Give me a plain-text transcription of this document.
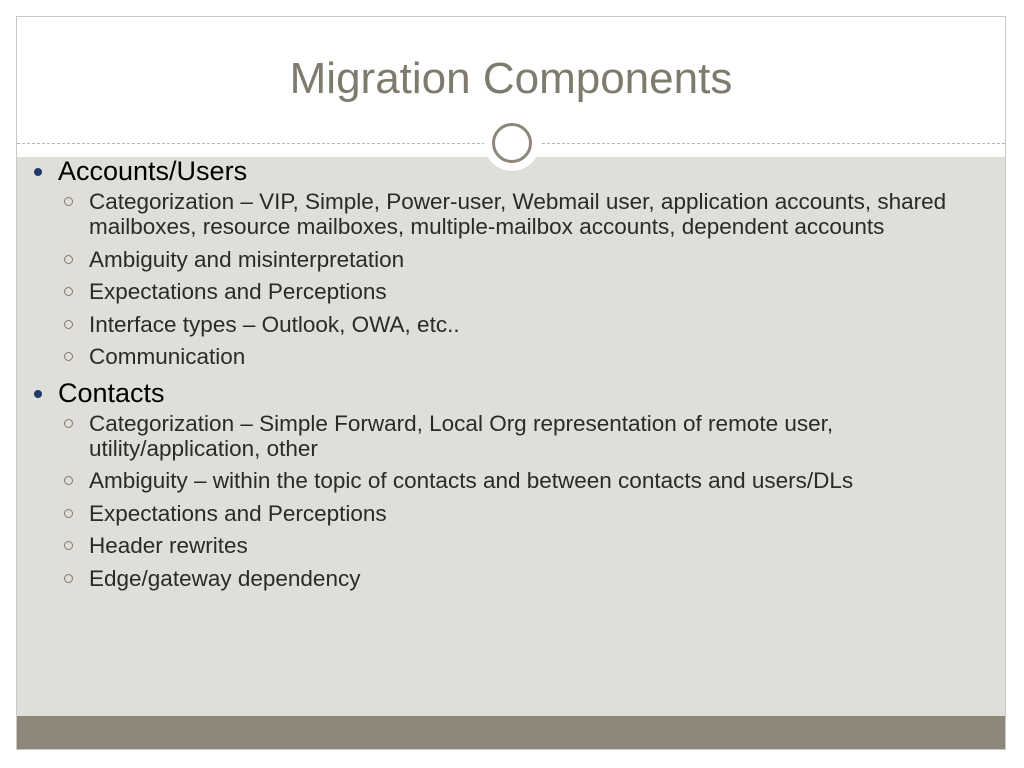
Migration Components
Accounts/Users
Categorization – VIP, Simple, Power-user, Webmail user, application accounts, shared mailboxes, resource mailboxes, multiple-mailbox accounts, dependent accounts
Ambiguity and misinterpretation
Expectations and Perceptions
Interface types – Outlook, OWA, etc..
Communication
Contacts
Categorization – Simple Forward, Local Org representation of remote user, utility/application, other
Ambiguity – within the topic of contacts and between contacts and users/DLs
Expectations and Perceptions
Header rewrites
Edge/gateway dependency
